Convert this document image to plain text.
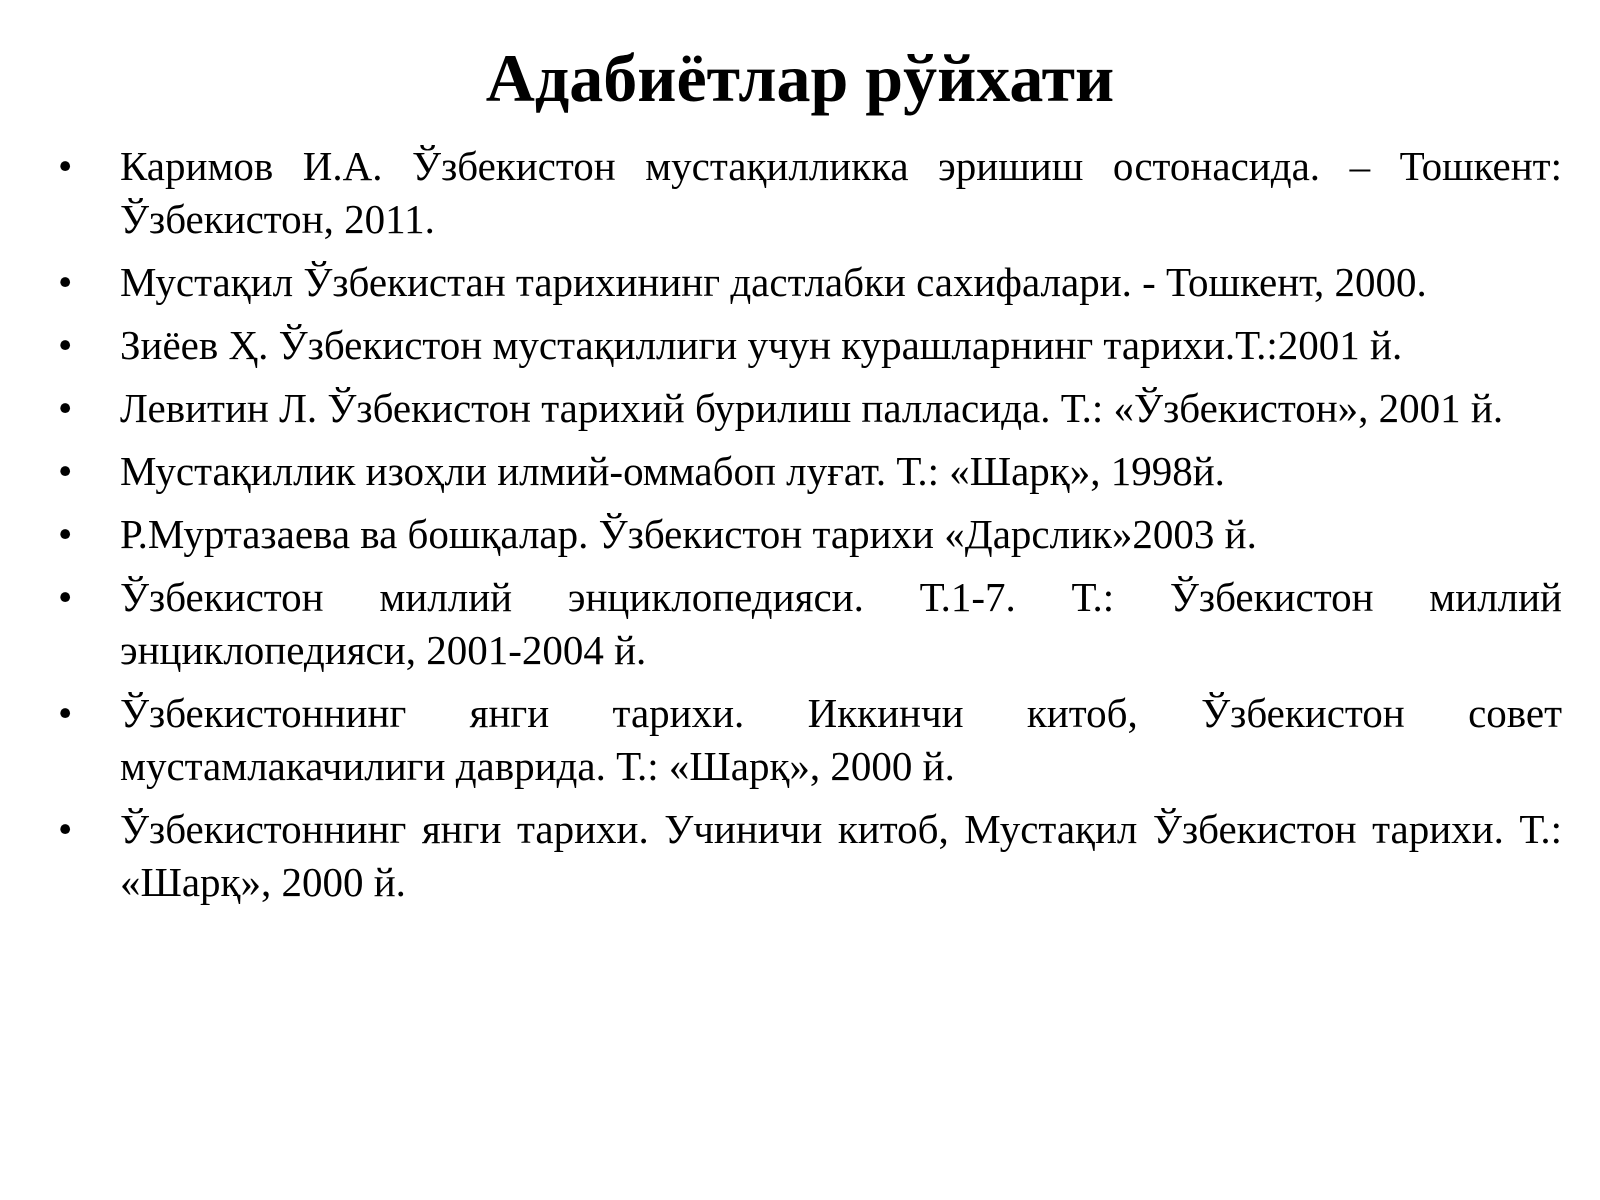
Адабиётлар рўйхати
•	Каримов И.А. Ўзбекистон мустақилликка эришиш остонасида. – Тошкент: Ўзбекистон, 2011.
•	Мустақил Ўзбекистан тарихининг дастлабки сахифалари. - Тошкент, 2000.
•	Зиёев Ҳ. Ўзбекистон мустақиллиги учун курашларнинг тарихи.Т.:2001 й.
•	Левитин Л. Ўзбекистон тарихий бурилиш палласида. Т.: «Ўзбекистон», 2001 й.
•	Мустақиллик изоҳли илмий-оммабоп луғат. Т.: «Шарқ», 1998й.
•	Р.Муртазаева ва бошқалар. Ўзбекистон тарихи «Дарслик»2003 й.
•	Ўзбекистон миллий энциклопедияси. Т.1-7. Т.: Ўзбекистон миллий энциклопедияси, 2001-2004 й.
•	Ўзбекистоннинг янги тарихи. Иккинчи китоб, Ўзбекистон совет мустамлакачилиги даврида. Т.: «Шарқ», 2000 й.
•	Ўзбекистоннинг янги тарихи. Учиничи китоб, Мустақил Ўзбекистон тарихи. Т.: «Шарқ», 2000 й.
